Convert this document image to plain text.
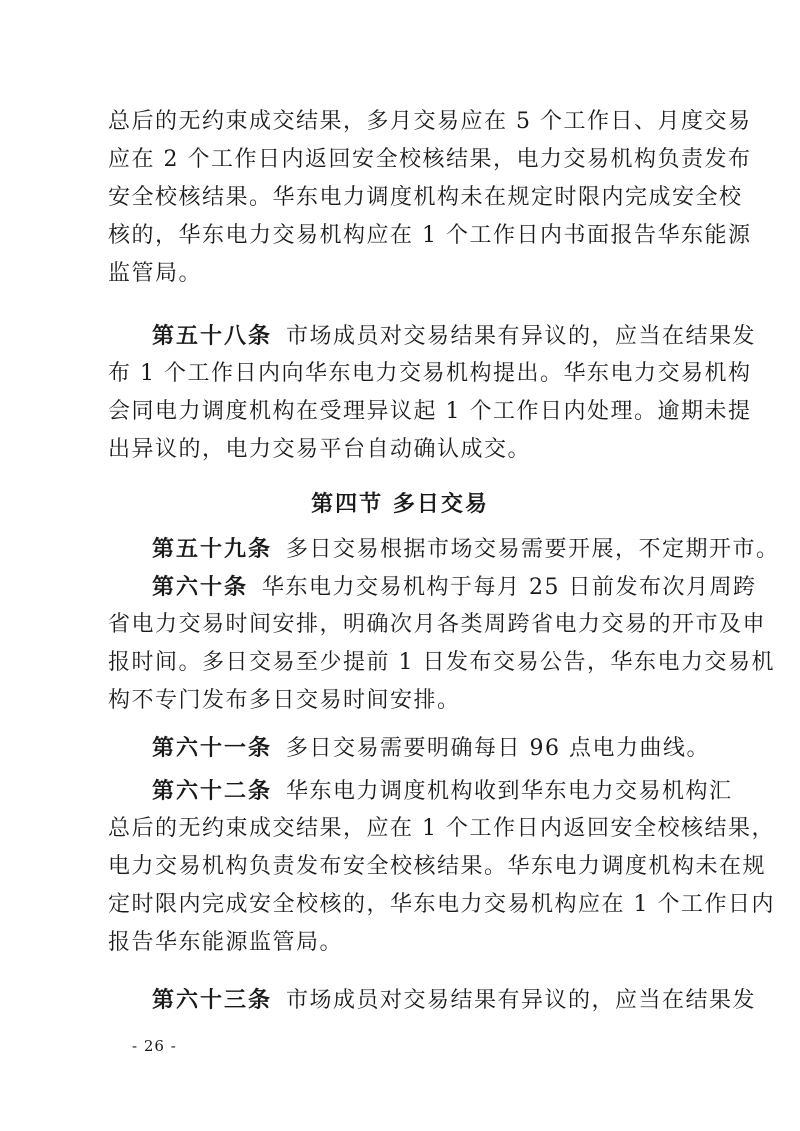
总后的无约束成交结果，多月交易应在 5 个工作日、月度交易
应在 2 个工作日内返回安全校核结果，电力交易机构负责发布
安全校核结果。华东电力调度机构未在规定时限内完成安全校
核的，华东电力交易机构应在 1 个工作日内书面报告华东能源
监管局。
第五十八条 市场成员对交易结果有异议的，应当在结果发
布 1 个工作日内向华东电力交易机构提出。华东电力交易机构
会同电力调度机构在受理异议起 1 个工作日内处理。逾期未提
出异议的，电力交易平台自动确认成交。
第四节 多日交易
第五十九条 多日交易根据市场交易需要开展，不定期开市。
第六十条 华东电力交易机构于每月 25 日前发布次月周跨
省电力交易时间安排，明确次月各类周跨省电力交易的开市及申
报时间。多日交易至少提前 1 日发布交易公告，华东电力交易机
构不专门发布多日交易时间安排。
第六十一条 多日交易需要明确每日 96 点电力曲线。
第六十二条 华东电力调度机构收到华东电力交易机构汇
总后的无约束成交结果，应在 1 个工作日内返回安全校核结果，
电力交易机构负责发布安全校核结果。华东电力调度机构未在规
定时限内完成安全校核的，华东电力交易机构应在 1 个工作日内
报告华东能源监管局。
第六十三条 市场成员对交易结果有异议的，应当在结果发
- 26 -
